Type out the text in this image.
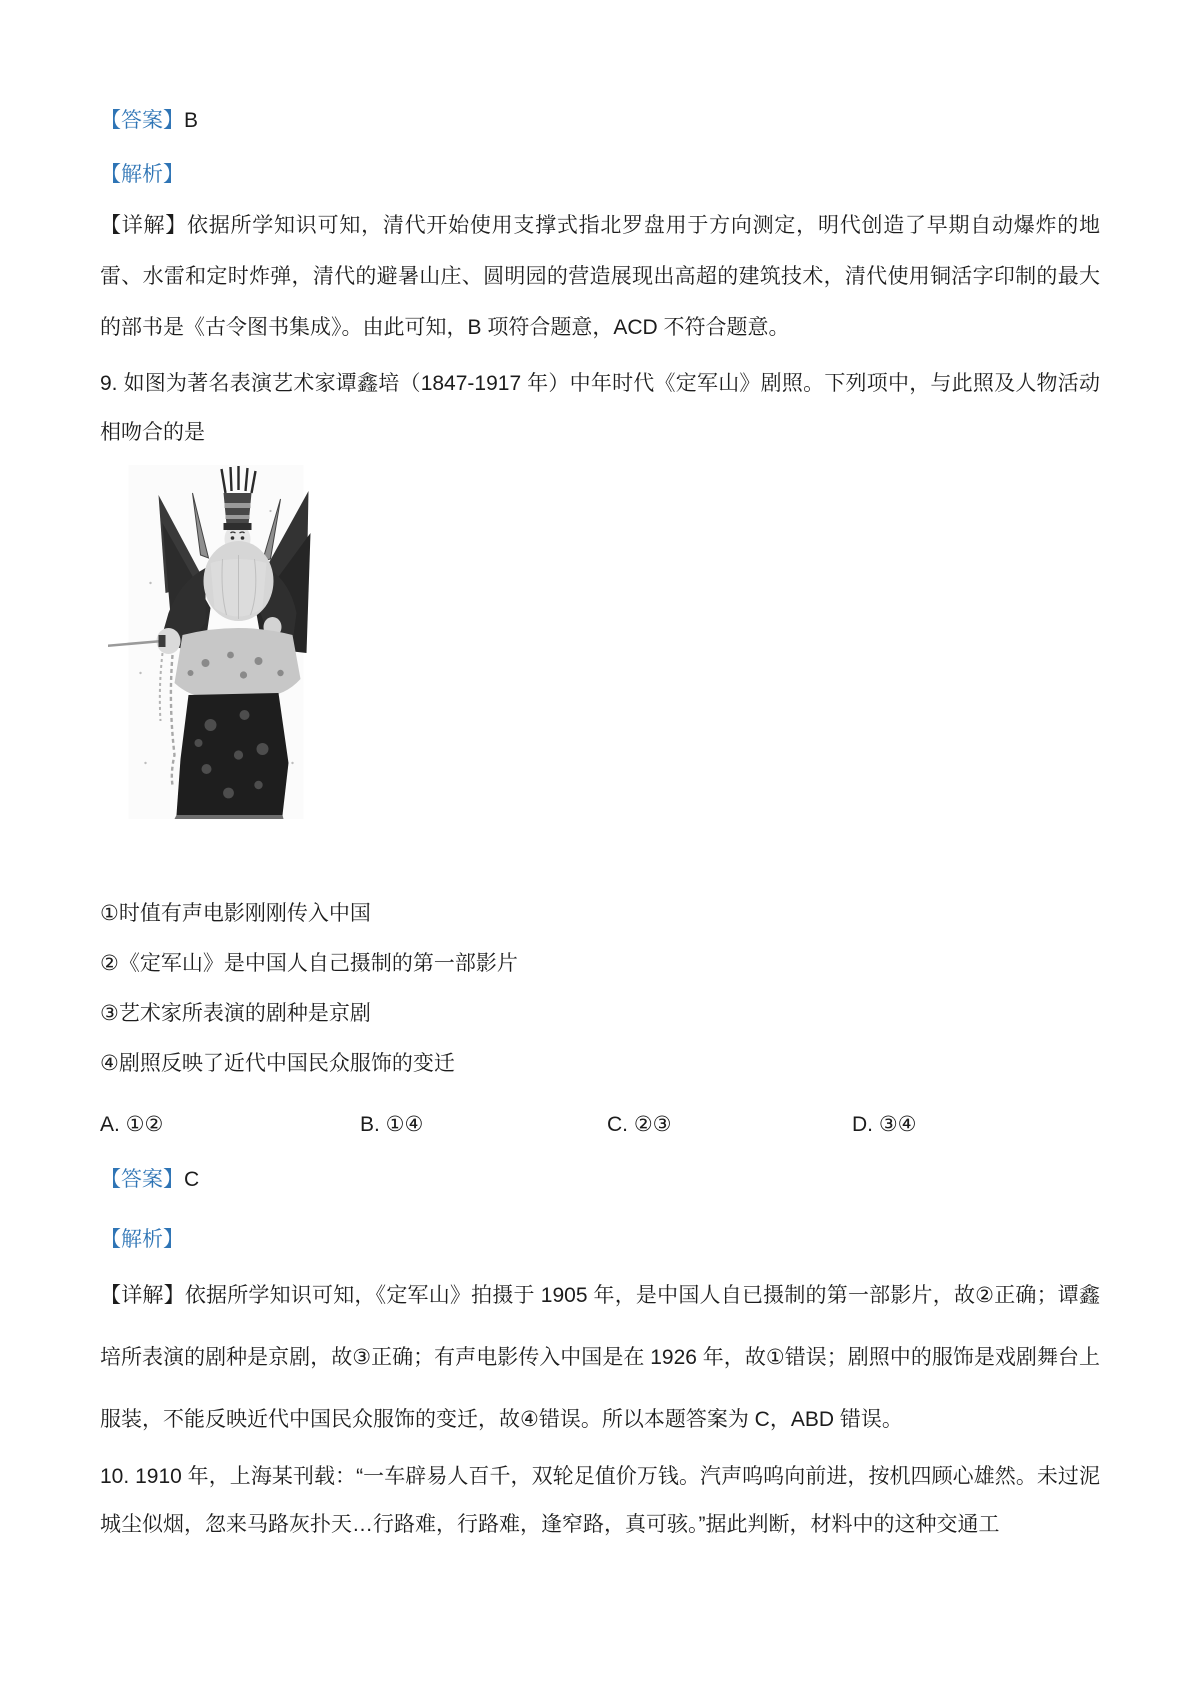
【答案】B

【解析】

【详解】依据所学知识可知，清代开始使用支撑式指北罗盘用于方向测定，明代创造了早期自动爆炸的地雷、水雷和定时炸弹，清代的避暑山庄、圆明园的营造展现出高超的建筑技术，清代使用铜活字印制的最大的部书是《古令图书集成》。由此可知，B 项符合题意，ACD 不符合题意。

9. 如图为著名表演艺术家谭鑫培（1847-1917 年）中年时代《定军山》剧照。下列项中，与此照及人物活动相吻合的是

①时值有声电影刚刚传入中国

②《定军山》是中国人自己摄制的第一部影片

③艺术家所表演的剧种是京剧

④剧照反映了近代中国民众服饰的变迁

A. ①②	B. ①④	C. ②③	D. ③④

【答案】C

【解析】

【详解】依据所学知识可知，《定军山》拍摄于 1905 年，是中国人自已摄制的第一部影片，故②正确；谭鑫培所表演的剧种是京剧，故③正确；有声电影传入中国是在 1926 年，故①错误；剧照中的服饰是戏剧舞台上服装，不能反映近代中国民众服饰的变迁，故④错误。所以本题答案为 C，ABD 错误。

10. 1910 年，上海某刊载：“一车辟易人百千，双轮足值价万钱。汽声呜呜向前进，按机四顾心雄然。未过泥城尘似烟，忽来马路灰扑天…行路难，行路难，逢窄路，真可骇。”据此判断，材料中的这种交通工
